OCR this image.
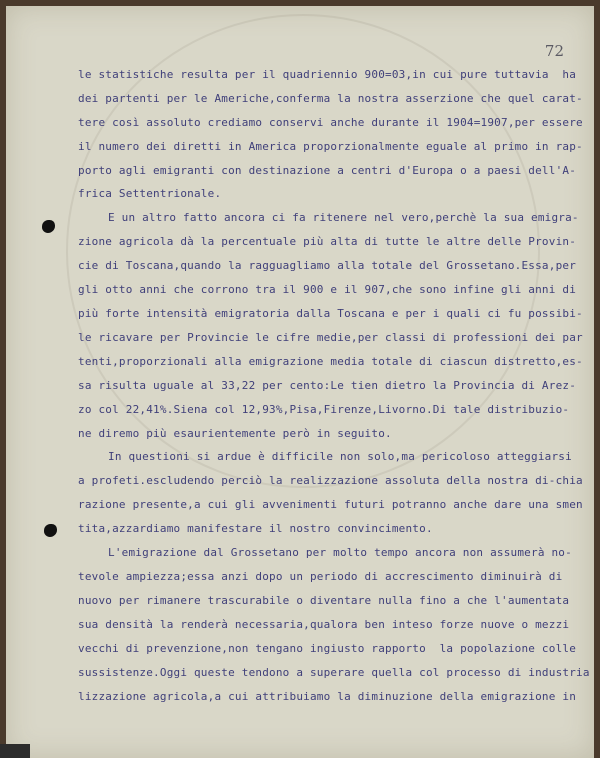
72
le statistiche resulta per il quadriennio 900=03,in cui pure tuttavia  ha
dei partenti per le Americhe,conferma la nostra asserzione che quel carat-
tere così assoluto crediamo conservi anche durante il 1904=1907,per essere
il numero dei diretti in America proporzionalmente eguale al primo in rap-
porto agli emigranti con destinazione a centri d'Europa o a paesi dell'A-
frica Settentrionale.
E un altro fatto ancora ci fa ritenere nel vero,perchè la sua emigra-
zione agricola dà la percentuale più alta di tutte le altre delle Provin-
cie di Toscana,quando la ragguagliamo alla totale del Grossetano.Essa,per
gli otto anni che corrono tra il 900 e il 907,che sono infine gli anni di
più forte intensità emigratoria dalla Toscana e per i quali ci fu possibi-
le ricavare per Provincie le cifre medie,per classi di professioni dei par
tenti,proporzionali alla emigrazione media totale di ciascun distretto,es-
sa risulta uguale al 33,22 per cento:Le tien dietro la Provincia di Arez-
zo col 22,41%.Siena col 12,93%,Pisa,Firenze,Livorno.Di tale distribuzio-
ne diremo più esaurientemente però in seguito.
In questioni si ardue è difficile non solo,ma pericoloso atteggiarsi
a profeti.escludendo perciò la realizzazione assoluta della nostra di-chia
razione presente,a cui gli avvenimenti futuri potranno anche dare una smen
tita,azzardiamo manifestare il nostro convincimento.
L'emigrazione dal Grossetano per molto tempo ancora non assumerà no-
tevole ampiezza;essa anzi dopo un periodo di accrescimento diminuirà di
nuovo per rimanere trascurabile o diventare nulla fino a che l'aumentata
sua densità la renderà necessaria,qualora ben inteso forze nuove o mezzi
vecchi di prevenzione,non tengano ingiusto rapporto  la popolazione colle
sussistenze.Oggi queste tendono a superare quella col processo di industria
lizzazione agricola,a cui attribuiamo la diminuzione della emigrazione in
